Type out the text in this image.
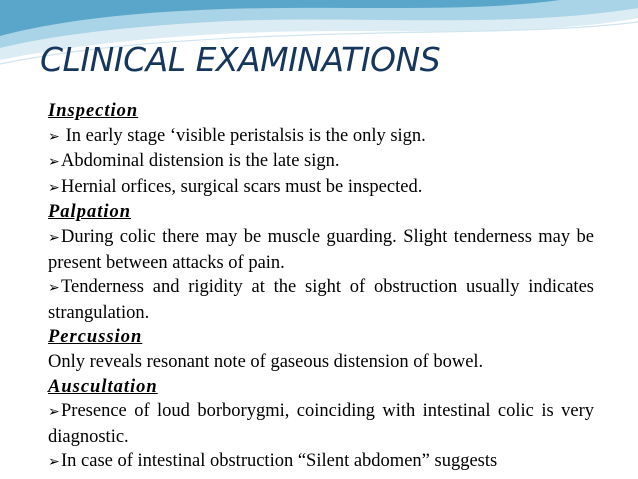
CLINICAL EXAMINATIONS
Inspection
➢ In early stage ‘visible peristalsis is the only sign.
➢Abdominal distension is the late sign.
➢Hernial orfices, surgical scars must be inspected.
Palpation
➢During colic there may be muscle guarding. Slight tenderness may be present between attacks of pain.
➢Tenderness and rigidity at the sight of obstruction usually indicates strangulation.
Percussion
Only reveals resonant note of gaseous distension of bowel.
Auscultation
➢Presence of loud borborygmi, coinciding with intestinal colic is very diagnostic.
➢In case of intestinal obstruction “Silent abdomen” suggests
